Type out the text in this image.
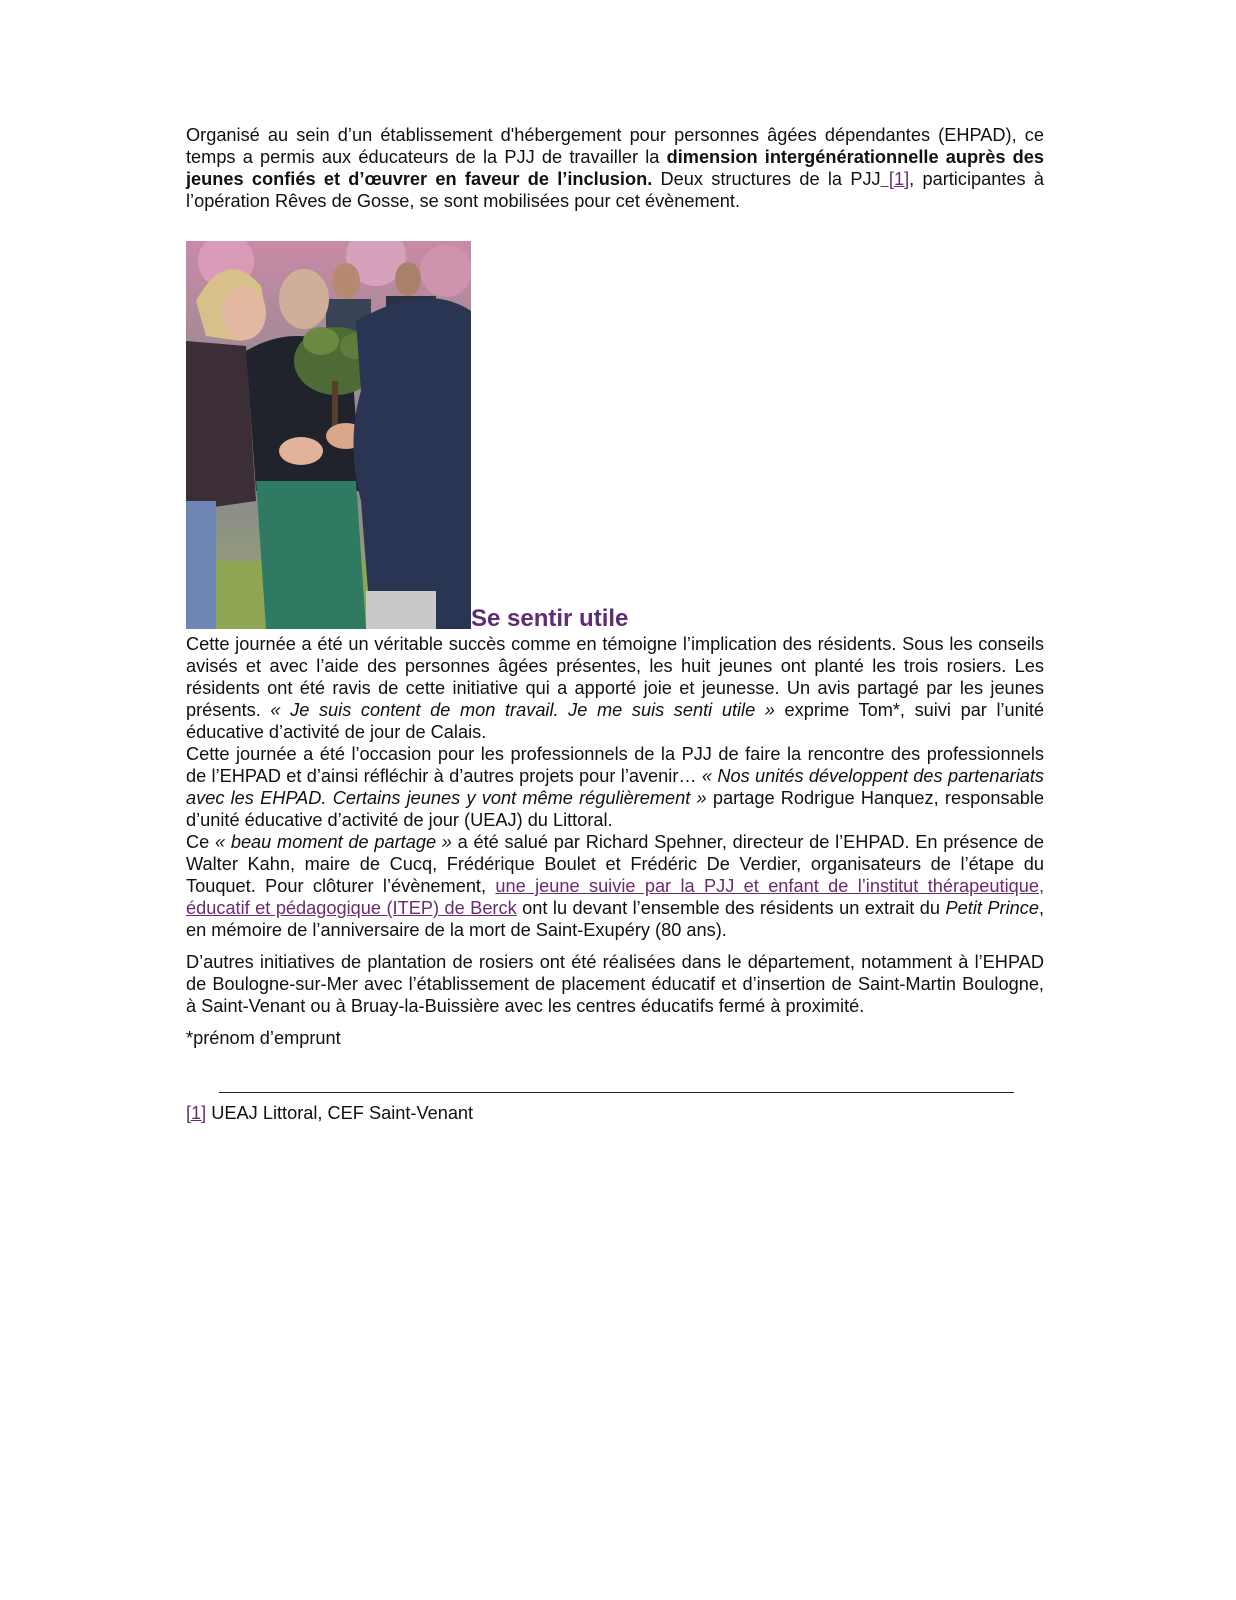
Organisé au sein d’un établissement d'hébergement pour personnes âgées dépendantes (EHPAD), ce temps a permis aux éducateurs de la PJJ de travailler la dimension intergénérationnelle auprès des jeunes confiés et d’œuvrer en faveur de l’inclusion. Deux structures de la PJJ [1], participantes à l’opération Rêves de Gosse, se sont mobilisées pour cet évènement.

Se sentir utile

Cette journée a été un véritable succès comme en témoigne l’implication des résidents. Sous les conseils avisés et avec l’aide des personnes âgées présentes, les huit jeunes ont planté les trois rosiers. Les résidents ont été ravis de cette initiative qui a apporté joie et jeunesse. Un avis partagé par les jeunes présents. « Je suis content de mon travail. Je me suis senti utile » exprime Tom*, suivi par l’unité éducative d’activité de jour de Calais.

Cette journée a été l’occasion pour les professionnels de la PJJ de faire la rencontre des professionnels de l’EHPAD et d’ainsi réfléchir à d’autres projets pour l’avenir… « Nos unités développent des partenariats avec les EHPAD. Certains jeunes y vont même régulièrement » partage Rodrigue Hanquez, responsable d’unité éducative d’activité de jour (UEAJ) du Littoral.

Ce « beau moment de partage » a été salué par Richard Spehner, directeur de l’EHPAD. En présence de Walter Kahn, maire de Cucq, Frédérique Boulet et Frédéric De Verdier, organisateurs de l’étape du Touquet. Pour clôturer l’évènement, une jeune suivie par la PJJ et enfant de l’institut thérapeutique, éducatif et pédagogique (ITEP) de Berck ont lu devant l’ensemble des résidents un extrait du Petit Prince, en mémoire de l’anniversaire de la mort de Saint-Exupéry (80 ans).

D’autres initiatives de plantation de rosiers ont été réalisées dans le département, notamment à l’EHPAD de Boulogne-sur-Mer avec l’établissement de placement éducatif et d’insertion de Saint-Martin Boulogne, à Saint-Venant ou à Bruay-la-Buissière avec les centres éducatifs fermé à proximité.

*prénom d’emprunt

[1] UEAJ Littoral, CEF Saint-Venant
